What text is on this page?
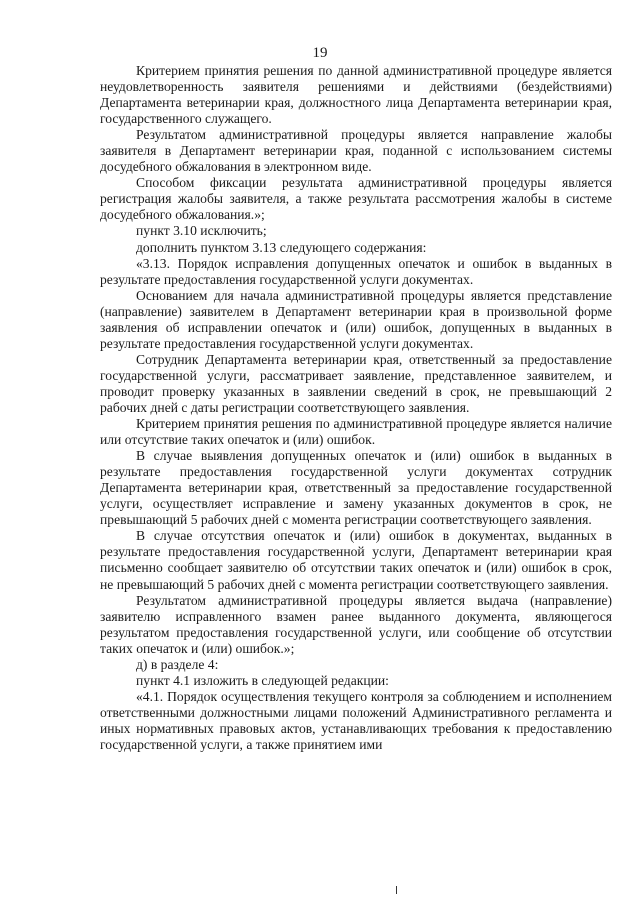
19

Критерием принятия решения по данной административной процедуре является неудовлетворенность заявителя решениями и действиями (бездействиями) Департамента ветеринарии края, должностного лица Департамента ветеринарии края, государственного служащего.

Результатом административной процедуры является направление жалобы заявителя в Департамент ветеринарии края, поданной с использованием системы досудебного обжалования в электронном виде.

Способом фиксации результата административной процедуры является регистрация жалобы заявителя, а также результата рассмотрения жалобы в системе досудебного обжалования.»;

пункт 3.10 исключить;

дополнить пунктом 3.13 следующего содержания:

«3.13. Порядок исправления допущенных опечаток и ошибок в выданных в результате предоставления государственной услуги документах.

Основанием для начала административной процедуры является представление (направление) заявителем в Департамент ветеринарии края в произвольной форме заявления об исправлении опечаток и (или) ошибок, допущенных в выданных в результате предоставления государственной услуги документах.

Сотрудник Департамента ветеринарии края, ответственный за предоставление государственной услуги, рассматривает заявление, представленное заявителем, и проводит проверку указанных в заявлении сведений в срок, не превышающий 2 рабочих дней с даты регистрации соответствующего заявления.

Критерием принятия решения по административной процедуре является наличие или отсутствие таких опечаток и (или) ошибок.

В случае выявления допущенных опечаток и (или) ошибок в выданных в результате предоставления государственной услуги документах сотрудник Департамента ветеринарии края, ответственный за предоставление государственной услуги, осуществляет исправление и замену указанных документов в срок, не превышающий 5 рабочих дней с момента регистрации соответствующего заявления.

В случае отсутствия опечаток и (или) ошибок в документах, выданных в результате предоставления государственной услуги, Департамент ветеринарии края письменно сообщает заявителю об отсутствии таких опечаток и (или) ошибок в срок, не превышающий 5 рабочих дней с момента регистрации соответствующего заявления.

Результатом административной процедуры является выдача (направление) заявителю исправленного взамен ранее выданного документа, являющегося результатом предоставления государственной услуги, или сообщение об отсутствии таких опечаток и (или) ошибок.»;

д) в разделе 4:

пункт 4.1 изложить в следующей редакции:

«4.1. Порядок осуществления текущего контроля за соблюдением и исполнением ответственными должностными лицами положений Административного регламента и иных нормативных правовых актов, устанавливающих требования к предоставлению государственной услуги, а также принятием ими
